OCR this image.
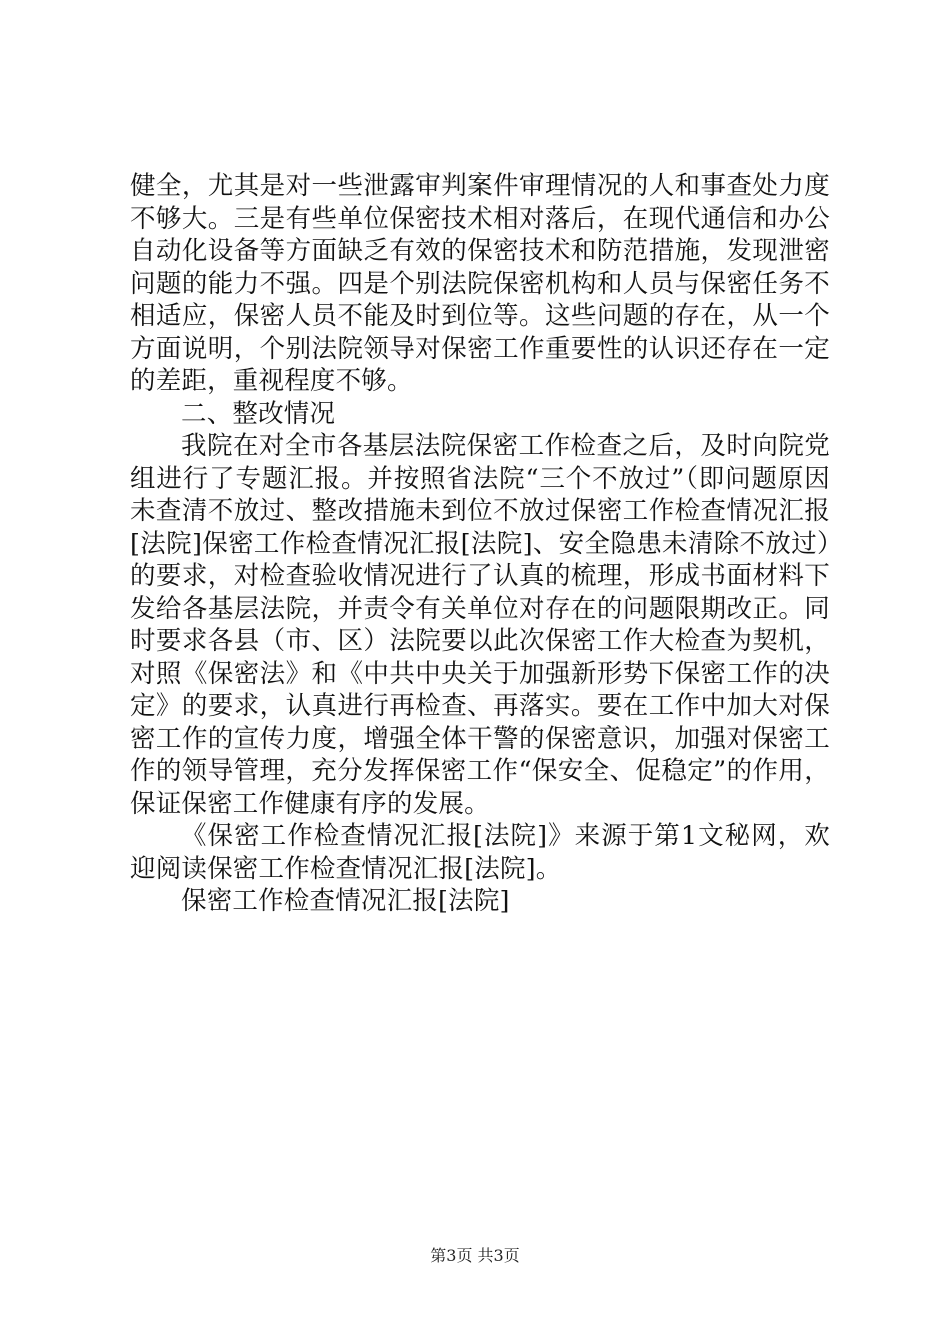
健全，尤其是对一些泄露审判案件审理情况的人和事查处力度不够大。三是有些单位保密技术相对落后，在现代通信和办公自动化设备等方面缺乏有效的保密技术和防范措施，发现泄密问题的能力不强。四是个别法院保密机构和人员与保密任务不相适应，保密人员不能及时到位等。这些问题的存在，从一个方面说明，个别法院领导对保密工作重要性的认识还存在一定的差距，重视程度不够。

二、整改情况

我院在对全市各基层法院保密工作检查之后，及时向院党组进行了专题汇报。并按照省法院“三个不放过”（即问题原因未查清不放过、整改措施未到位不放过保密工作检查情况汇报[法院]保密工作检查情况汇报[法院]、安全隐患未清除不放过）的要求，对检查验收情况进行了认真的梳理，形成书面材料下发给各基层法院，并责令有关单位对存在的问题限期改正。同时要求各县（市、区）法院要以此次保密工作大检查为契机，对照《保密法》和《中共中央关于加强新形势下保密工作的决定》的要求，认真进行再检查、再落实。要在工作中加大对保密工作的宣传力度，增强全体干警的保密意识，加强对保密工作的领导管理，充分发挥保密工作“保安全、促稳定”的作用，保证保密工作健康有序的发展。

《保密工作检查情况汇报[法院]》来源于第1文秘网，欢迎阅读保密工作检查情况汇报[法院]。

保密工作检查情况汇报[法院]

第3页 共3页
